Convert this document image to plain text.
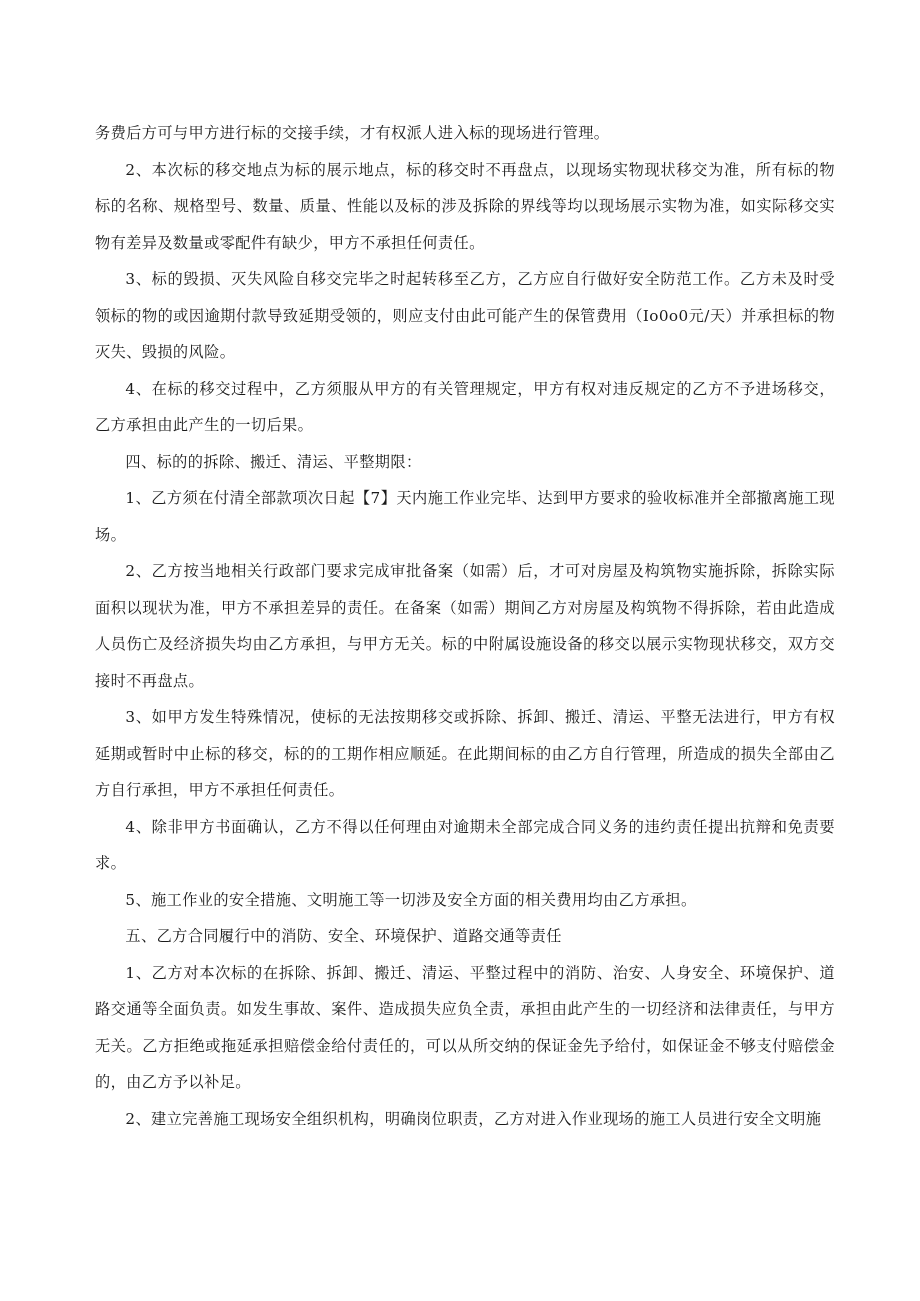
务费后方可与甲方进行标的交接手续，才有权派人进入标的现场进行管理。

2、本次标的移交地点为标的展示地点，标的移交时不再盘点，以现场实物现状移交为准，所有标的物标的名称、规格型号、数量、质量、性能以及标的涉及拆除的界线等均以现场展示实物为准，如实际移交实物有差异及数量或零配件有缺少，甲方不承担任何责任。

3、标的毁损、灭失风险自移交完毕之时起转移至乙方，乙方应自行做好安全防范工作。乙方未及时受领标的物的或因逾期付款导致延期受领的，则应支付由此可能产生的保管费用（Io0o0元/天）并承担标的物灭失、毁损的风险。

4、在标的移交过程中，乙方须服从甲方的有关管理规定，甲方有权对违反规定的乙方不予进场移交，乙方承担由此产生的一切后果。

四、标的的拆除、搬迁、清运、平整期限：

1、乙方须在付清全部款项次日起【7】天内施工作业完毕、达到甲方要求的验收标准并全部撤离施工现场。

2、乙方按当地相关行政部门要求完成审批备案（如需）后，才可对房屋及构筑物实施拆除，拆除实际面积以现状为准，甲方不承担差异的责任。在备案（如需）期间乙方对房屋及构筑物不得拆除，若由此造成人员伤亡及经济损失均由乙方承担，与甲方无关。标的中附属设施设备的移交以展示实物现状移交，双方交接时不再盘点。

3、如甲方发生特殊情况，使标的无法按期移交或拆除、拆卸、搬迁、清运、平整无法进行，甲方有权延期或暂时中止标的移交，标的的工期作相应顺延。在此期间标的由乙方自行管理，所造成的损失全部由乙方自行承担，甲方不承担任何责任。

4、除非甲方书面确认，乙方不得以任何理由对逾期未全部完成合同义务的违约责任提出抗辩和免责要求。

5、施工作业的安全措施、文明施工等一切涉及安全方面的相关费用均由乙方承担。

五、乙方合同履行中的消防、安全、环境保护、道路交通等责任

1、乙方对本次标的在拆除、拆卸、搬迁、清运、平整过程中的消防、治安、人身安全、环境保护、道路交通等全面负责。如发生事故、案件、造成损失应负全责，承担由此产生的一切经济和法律责任，与甲方无关。乙方拒绝或拖延承担赔偿金给付责任的，可以从所交纳的保证金先予给付，如保证金不够支付赔偿金的，由乙方予以补足。

2、建立完善施工现场安全组织机构，明确岗位职责，乙方对进入作业现场的施工人员进行安全文明施
